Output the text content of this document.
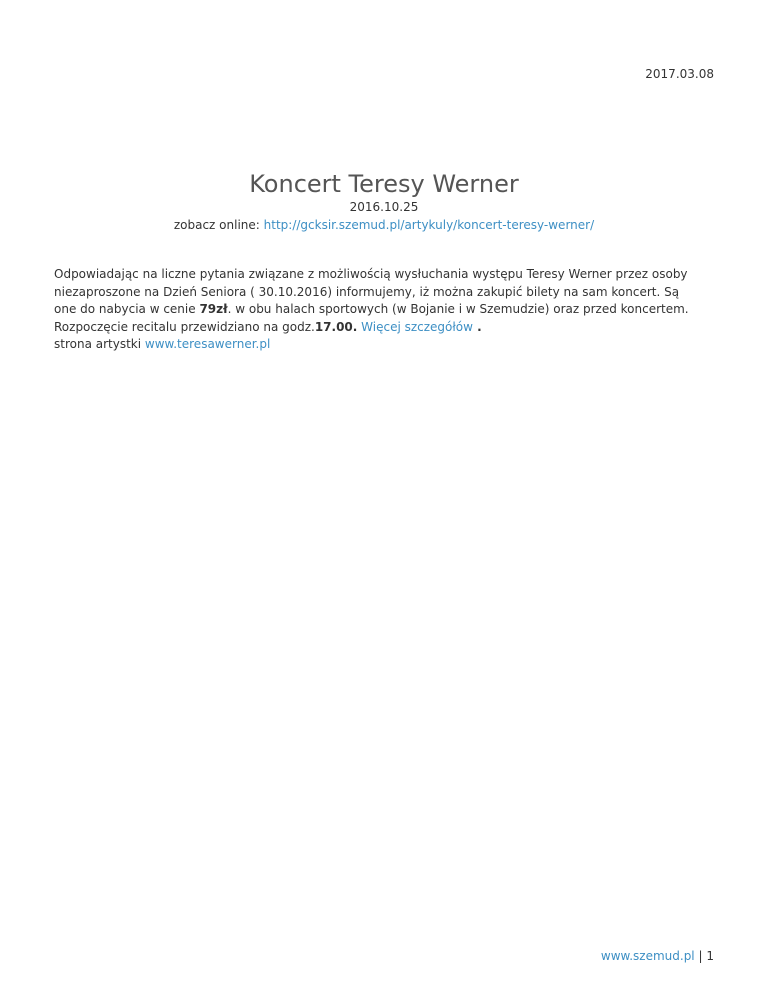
2017.03.08
Koncert Teresy Werner
2016.10.25
zobacz online: http://gcksir.szemud.pl/artykuly/koncert-teresy-werner/

Odpowiadając na liczne pytania związane z możliwością wysłuchania występu Teresy Werner przez osoby
niezaproszone na Dzień Seniora ( 30.10.2016) informujemy, iż można zakupić bilety na sam koncert. Są
one do nabycia w cenie 79zł. w obu halach sportowych (w Bojanie i w Szemudzie) oraz przed koncertem.
Rozpoczęcie recitalu przewidziano na godz.17.00. Więcej szczegółów .
strona artystki www.teresawerner.pl

www.szemud.pl | 1
